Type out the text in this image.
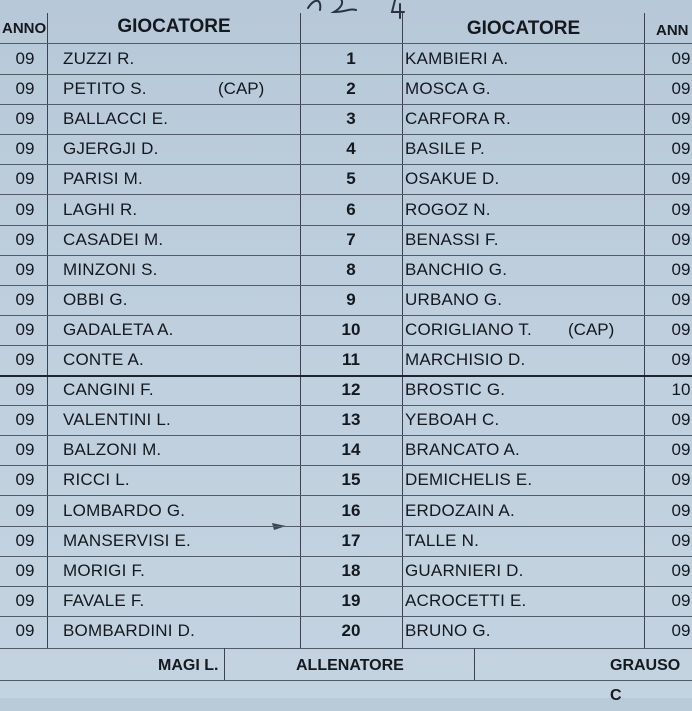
ANNO	GIOCATORE	GIOCATORE	ANN
09	ZUZZI R.	1	KAMBIERI A.	09
09	PETITO S.	(CAP)	2	MOSCA G.	09
09	BALLACCI E.	3	CARFORA R.	09
09	GJERGJI D.	4	BASILE P.	09
09	PARISI M.	5	OSAKUE D.	09
09	LAGHI R.	6	ROGOZ N.	09
09	CASADEI M.	7	BENASSI F.	09
09	MINZONI S.	8	BANCHIO G.	09
09	OBBI G.	9	URBANO G.	09
09	GADALETA A.	10	CORIGLIANO T.	(CAP)	09
09	CONTE A.	11	MARCHISIO D.	09
09	CANGINI F.	12	BROSTIC G.	10
09	VALENTINI L.	13	YEBOAH C.	09
09	BALZONI M.	14	BRANCATO A.	09
09	RICCI L.	15	DEMICHELIS E.	09
09	LOMBARDO G.	16	ERDOZAIN A.	09
09	MANSERVISI E.	17	TALLE N.	09
09	MORIGI F.	18	GUARNIERI D.	09
09	FAVALE F.	19	ACROCETTI E.	09
09	BOMBARDINI D.	20	BRUNO G.	09
MAGI L.	ALLENATORE	GRAUSO C
